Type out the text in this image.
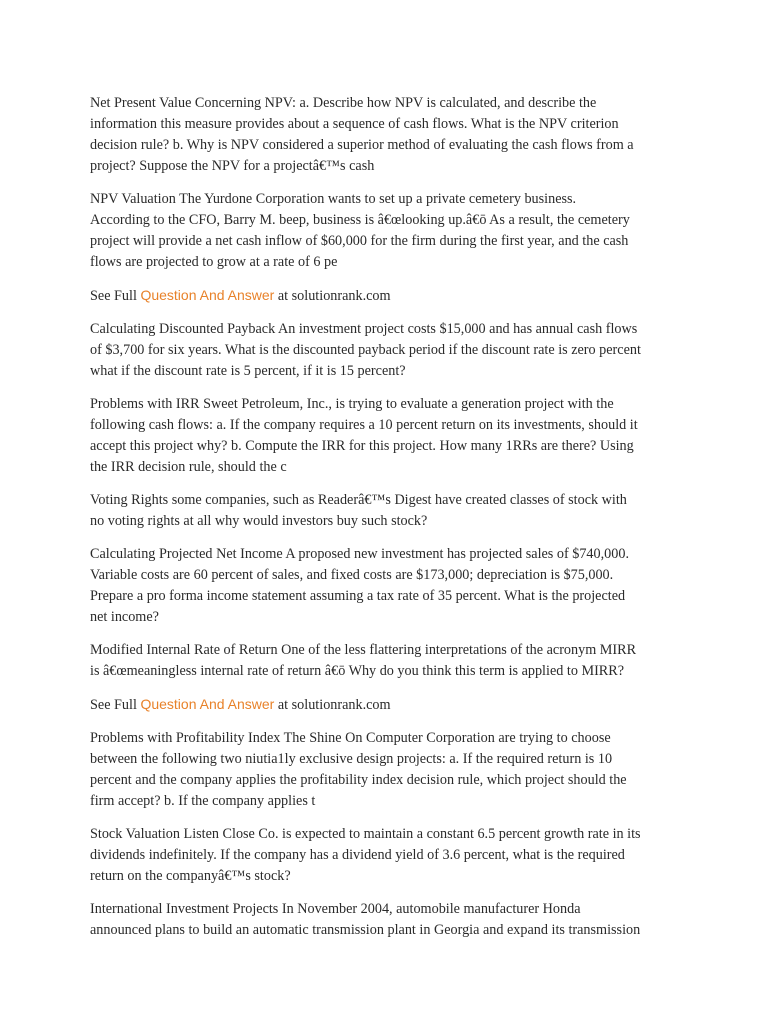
Net Present Value Concerning NPV: a. Describe how NPV is calculated, and describe the
information this measure provides about a sequence of cash flows. What is the NPV criterion
decision rule? b. Why is NPV considered a superior method of evaluating the cash flows from a
project? Suppose the NPV for a projectâ€™s cash
NPV Valuation The Yurdone Corporation wants to set up a private cemetery business.
According to the CFO, Barry M. beep, business is â€œlooking up.â€ō As a result, the cemetery
project will provide a net cash inflow of $60,000 for the firm during the first year, and the cash
flows are projected to grow at a rate of 6 pe
See Full Question And Answer at solutionrank.com
Calculating Discounted Payback An investment project costs $15,000 and has annual cash flows
of $3,700 for six years. What is the discounted payback period if the discount rate is zero percent
what if the discount rate is 5 percent, if it is 15 percent?
Problems with IRR Sweet Petroleum, Inc., is trying to evaluate a generation project with the
following cash flows: a. If the company requires a 10 percent return on its investments, should it
accept this project why? b. Compute the IRR for this project. How many 1RRs are there? Using
the IRR decision rule, should the c
Voting Rights some companies, such as Readerâ€™s Digest have created classes of stock with
no voting rights at all why would investors buy such stock?
Calculating Projected Net Income A proposed new investment has projected sales of $740,000.
Variable costs are 60 percent of sales, and fixed costs are $173,000; depreciation is $75,000.
Prepare a pro forma income statement assuming a tax rate of 35 percent. What is the projected
net income?
Modified Internal Rate of Return One of the less flattering interpretations of the acronym MIRR
is â€œmeaningless internal rate of return â€ō Why do you think this term is applied to MIRR?
See Full Question And Answer at solutionrank.com
Problems with Profitability Index The Shine On Computer Corporation are trying to choose
between the following two niutia1ly exclusive design projects: a. If the required return is 10
percent and the company applies the profitability index decision rule, which project should the
firm accept? b. If the company applies t
Stock Valuation Listen Close Co. is expected to maintain a constant 6.5 percent growth rate in its
dividends indefinitely. If the company has a dividend yield of 3.6 percent, what is the required
return on the companyâ€™s stock?
International Investment Projects In November 2004, automobile manufacturer Honda
announced plans to build an automatic transmission plant in Georgia and expand its transmission
